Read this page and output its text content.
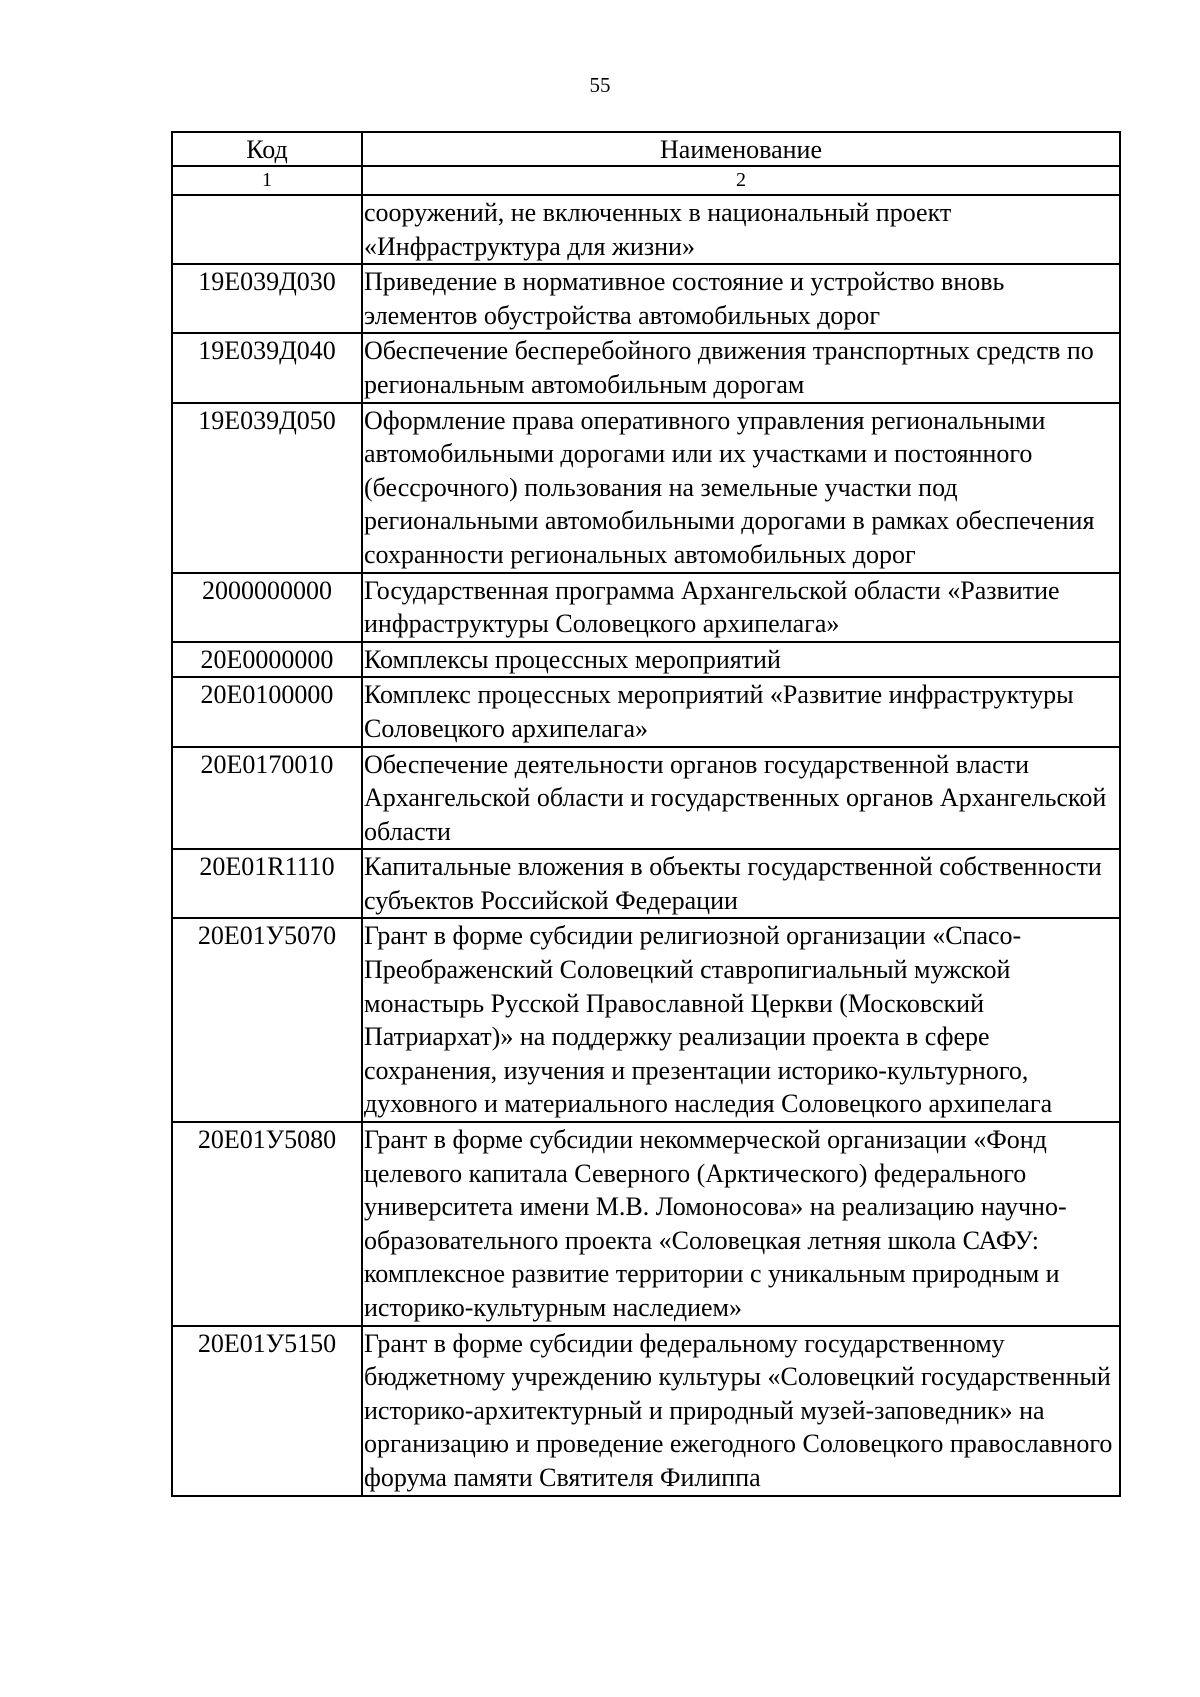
55
Код	Наименование
1	2
	сооружений, не включенных в национальный проект «Инфраструктура для жизни»
19Е039Д030	Приведение в нормативное состояние и устройство вновь элементов обустройства автомобильных дорог
19Е039Д040	Обеспечение бесперебойного движения транспортных средств по региональным автомобильным дорогам
19Е039Д050	Оформление права оперативного управления региональными автомобильными дорогами или их участками и постоянного (бессрочного) пользования на земельные участки под региональными автомобильными дорогами в рамках обеспечения сохранности региональных автомобильных дорог
2000000000	Государственная программа Архангельской области «Развитие инфраструктуры Соловецкого архипелага»
20Е0000000	Комплексы процессных мероприятий
20Е0100000	Комплекс процессных мероприятий «Развитие инфраструктуры Соловецкого архипелага»
20Е0170010	Обеспечение деятельности органов государственной власти Архангельской области и государственных органов Архангельской области
20Е01R1110	Капитальные вложения в объекты государственной собственности субъектов Российской Федерации
20Е01У5070	Грант в форме субсидии религиозной организации «Спасо-Преображенский Соловецкий ставропигиальный мужской монастырь Русской Православной Церкви (Московский Патриархат)» на поддержку реализации проекта в сфере сохранения, изучения и презентации историко-культурного, духовного и материального наследия Соловецкого архипелага
20Е01У5080	Грант в форме субсидии некоммерческой организации «Фонд целевого капитала Северного (Арктического) федерального университета имени М.В. Ломоносова» на реализацию научно-образовательного проекта «Соловецкая летняя школа САФУ: комплексное развитие территории с уникальным природным и историко-культурным наследием»
20Е01У5150	Грант в форме субсидии федеральному государственному бюджетному учреждению культуры «Соловецкий государственный историко-архитектурный и природный музей-заповедник» на организацию и проведение ежегодного Соловецкого православного форума памяти Святителя Филиппа
